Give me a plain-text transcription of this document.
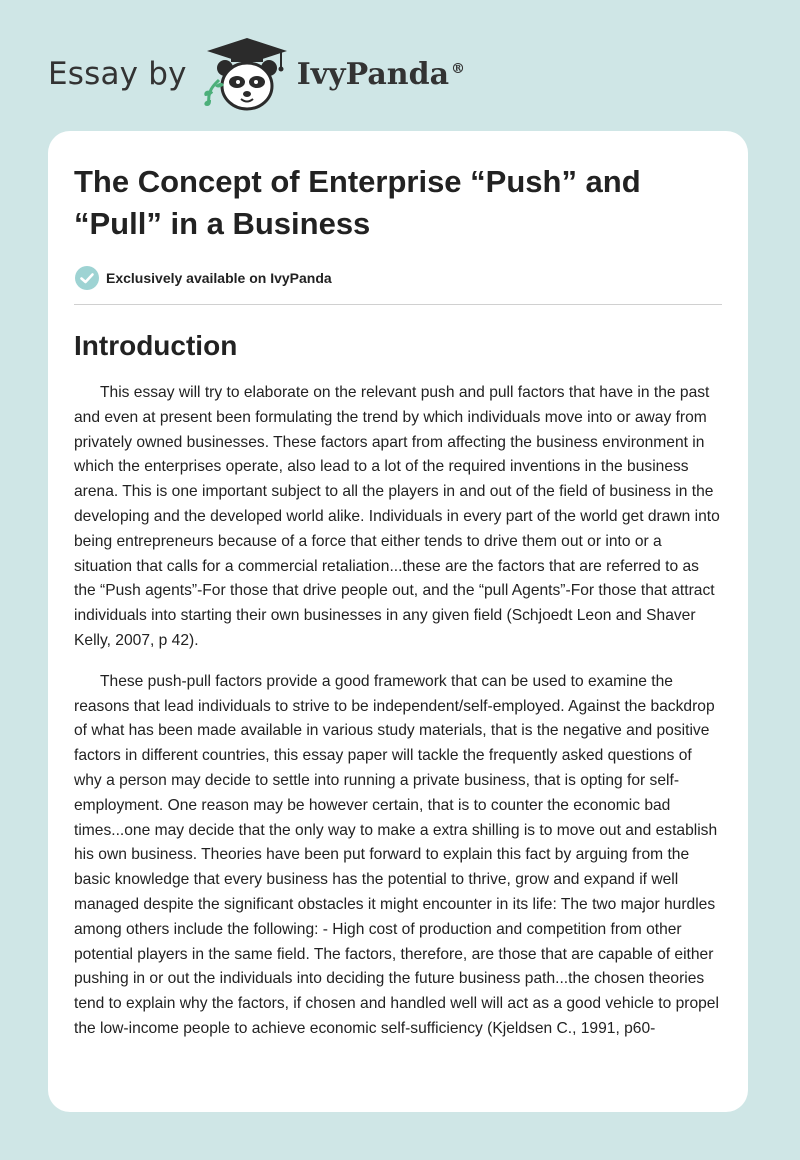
Essay by	IvyPanda ®
The Concept of Enterprise “Push” and “Pull” in a Business
Exclusively available on IvyPanda
Introduction

This essay will try to elaborate on the relevant push and pull factors that have in the past and even at present been formulating the trend by which individuals move into or away from privately owned businesses. These factors apart from affecting the business environment in which the enterprises operate, also lead to a lot of the required inventions in the business arena. This is one important subject to all the players in and out of the field of business in the developing and the developed world alike. Individuals in every part of the world get drawn into being entrepreneurs because of a force that either tends to drive them out or into or a situation that calls for a commercial retaliation...these are the factors that are referred to as the “Push agents”-For those that drive people out, and the “pull Agents”-For those that attract individuals into starting their own businesses in any given field (Schjoedt Leon and Shaver Kelly, 2007, p 42).

These push-pull factors provide a good framework that can be used to examine the reasons that lead individuals to strive to be independent/self-employed. Against the backdrop of what has been made available in various study materials, that is the negative and positive factors in different countries, this essay paper will tackle the frequently asked questions of why a person may decide to settle into running a private business, that is opting for self-employment. One reason may be however certain, that is to counter the economic bad times...one may decide that the only way to make a extra shilling is to move out and establish his own business. Theories have been put forward to explain this fact by arguing from the basic knowledge that every business has the potential to thrive, grow and expand if well managed despite the significant obstacles it might encounter in its life: The two major hurdles among others include the following: - High cost of production and competition from other potential players in the same field. The factors, therefore, are those that are capable of either pushing in or out the individuals into deciding the future business path...the chosen theories tend to explain why the factors, if chosen and handled well will act as a good vehicle to propel the low-income people to achieve economic self-sufficiency (Kjeldsen C., 1991, p60-
